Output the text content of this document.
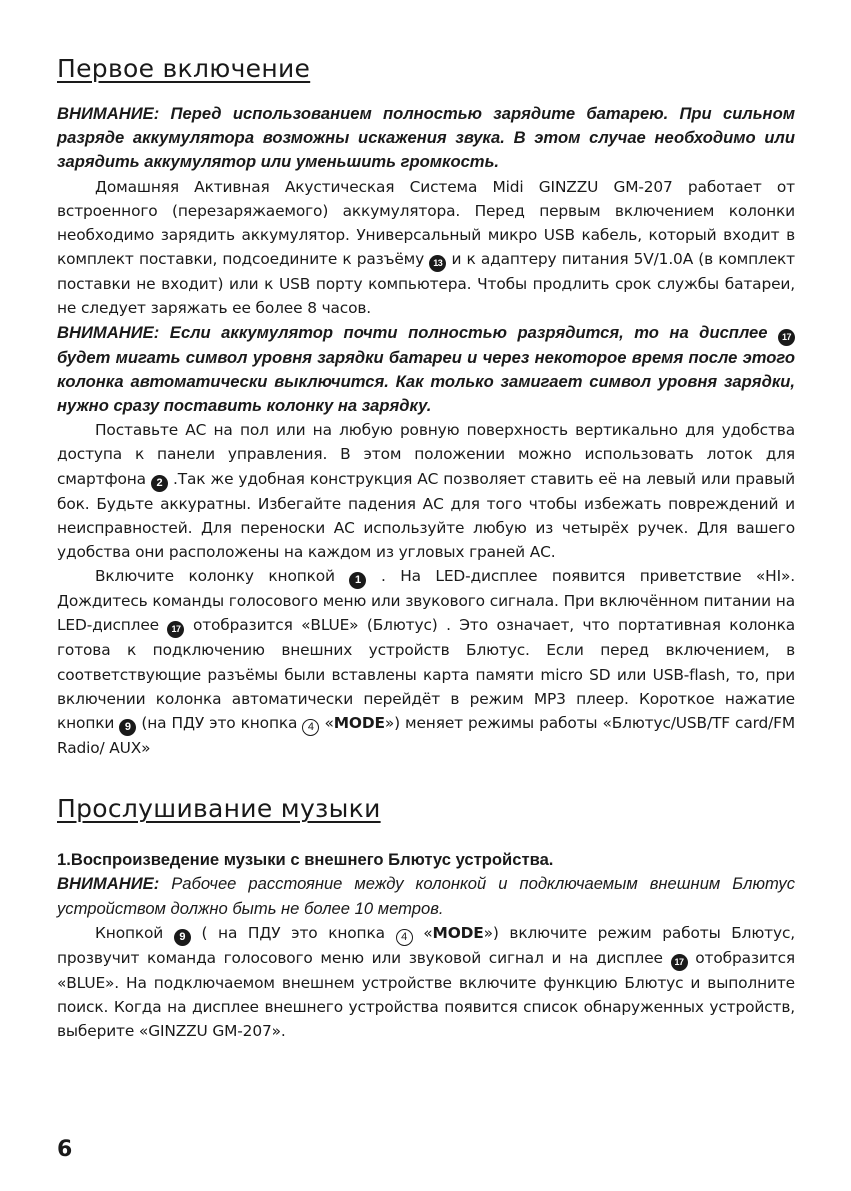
Первое включение

ВНИМАНИЕ: Перед использованием полностью зарядите батарею. При сильном разряде аккумулятора возможны искажения звука. В этом случае необходимо или зарядить аккумулятор или уменьшить громкость.

Домашняя Активная Акустическая Система Midi GINZZU GM-207 работает от встроенного (перезаряжаемого) аккумулятора. Перед первым включением колонки необходимо зарядить аккумулятор. Универсальный микро USB кабель, который входит в комплект поставки, подсоедините к разъёму 13 и к адаптеру питания 5V/1.0A (в комплект поставки не входит) или к USB порту компьютера. Чтобы продлить срок службы батареи, не следует заряжать ее более 8 часов.

ВНИМАНИЕ: Если аккумулятор почти полностью разрядится, то на дисплее 17 будет мигать символ уровня зарядки батареи и через некоторое время после этого колонка автоматически выключится. Как только замигает символ уровня зарядки, нужно сразу поставить колонку на зарядку.

Поставьте АС на пол или на любую ровную поверхность вертикально для удобства доступа к панели управления. В этом положении можно использовать лоток для смартфона 2 .Так же удобная конструкция АС позволяет ставить её на левый или правый бок. Будьте аккуратны. Избегайте падения АС для того чтобы избежать повреждений и неисправностей. Для переноски АС используйте любую из четырёх ручек. Для вашего удобства они расположены на каждом из угловых граней АС.

Включите колонку кнопкой 1 . На LED-дисплее появится приветствие «HI». Дождитесь команды голосового меню или звукового сигнала. При включённом питании на LED-дисплее 17 отобразится «BLUE» (Блютус) . Это означает, что портативная колонка готова к подключению внешних устройств Блютус. Если перед включением, в соответствующие разъёмы были вставлены карта памяти micro SD или USB-flash, то, при включении колонка автоматически перейдёт в режим MP3 плеер. Короткое нажатие кнопки 9 (на ПДУ это кнопка 4 «MODE») меняет режимы работы «Блютус/USB/TF card/FM Radio/ AUX»

Прослушивание музыки

1.Воспроизведение музыки с внешнего Блютус устройства.

ВНИМАНИЕ: Рабочее расстояние между колонкой и подключаемым внешним Блютус устройством должно быть не более 10 метров.

Кнопкой 9 ( на ПДУ это кнопка 4 «MODE») включите режим работы Блютус, прозвучит команда голосового меню или звуковой сигнал и на дисплее 17 отобразится «BLUE». На подключаемом внешнем устройстве включите функцию Блютус и выполните поиск. Когда на дисплее внешнего устройства появится список обнаруженных устройств, выберите «GINZZU GM-207».

6
